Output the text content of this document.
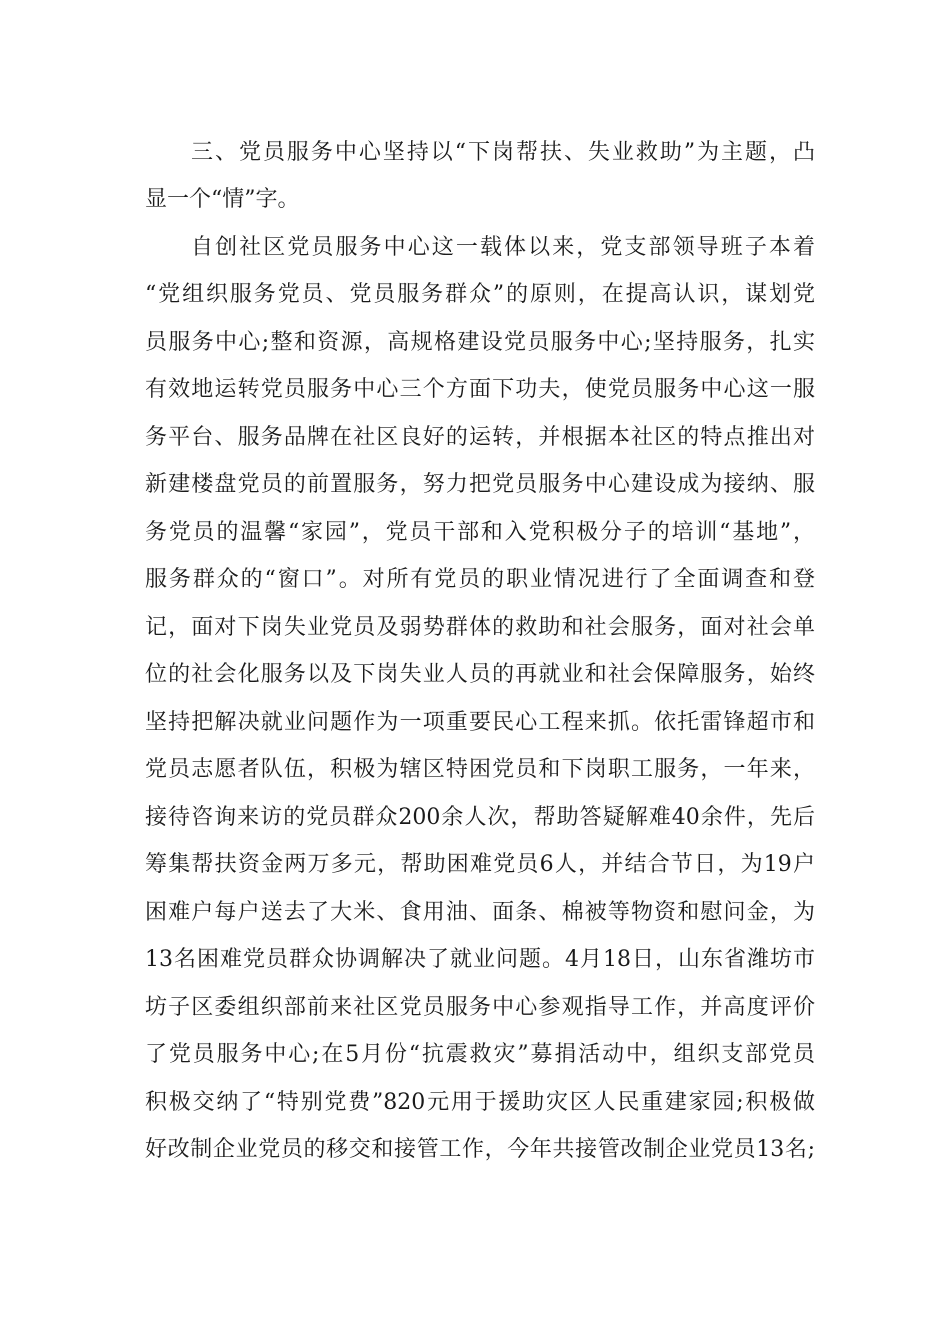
三、党员服务中心坚持以“下岗帮扶、失业救助”为主题，凸
显一个“情”字。
自创社区党员服务中心这一载体以来，党支部领导班子本着
“党组织服务党员、党员服务群众”的原则，在提高认识，谋划党
员服务中心;整和资源，高规格建设党员服务中心;坚持服务，扎实
有效地运转党员服务中心三个方面下功夫，使党员服务中心这一服
务平台、服务品牌在社区良好的运转，并根据本社区的特点推出对
新建楼盘党员的前置服务，努力把党员服务中心建设成为接纳、服
务党员的温馨“家园”，党员干部和入党积极分子的培训“基地”，
服务群众的“窗口”。对所有党员的职业情况进行了全面调查和登
记，面对下岗失业党员及弱势群体的救助和社会服务，面对社会单
位的社会化服务以及下岗失业人员的再就业和社会保障服务，始终
坚持把解决就业问题作为一项重要民心工程来抓。依托雷锋超市和
党员志愿者队伍，积极为辖区特困党员和下岗职工服务，一年来，
接待咨询来访的党员群众200余人次，帮助答疑解难40余件，先后
筹集帮扶资金两万多元，帮助困难党员6人，并结合节日，为19户
困难户每户送去了大米、食用油、面条、棉被等物资和慰问金，为
13名困难党员群众协调解决了就业问题。4月18日，山东省潍坊市
坊子区委组织部前来社区党员服务中心参观指导工作，并高度评价
了党员服务中心;在5月份“抗震救灾”募捐活动中，组织支部党员
积极交纳了“特别党费”820元用于援助灾区人民重建家园;积极做
好改制企业党员的移交和接管工作，今年共接管改制企业党员13名;
